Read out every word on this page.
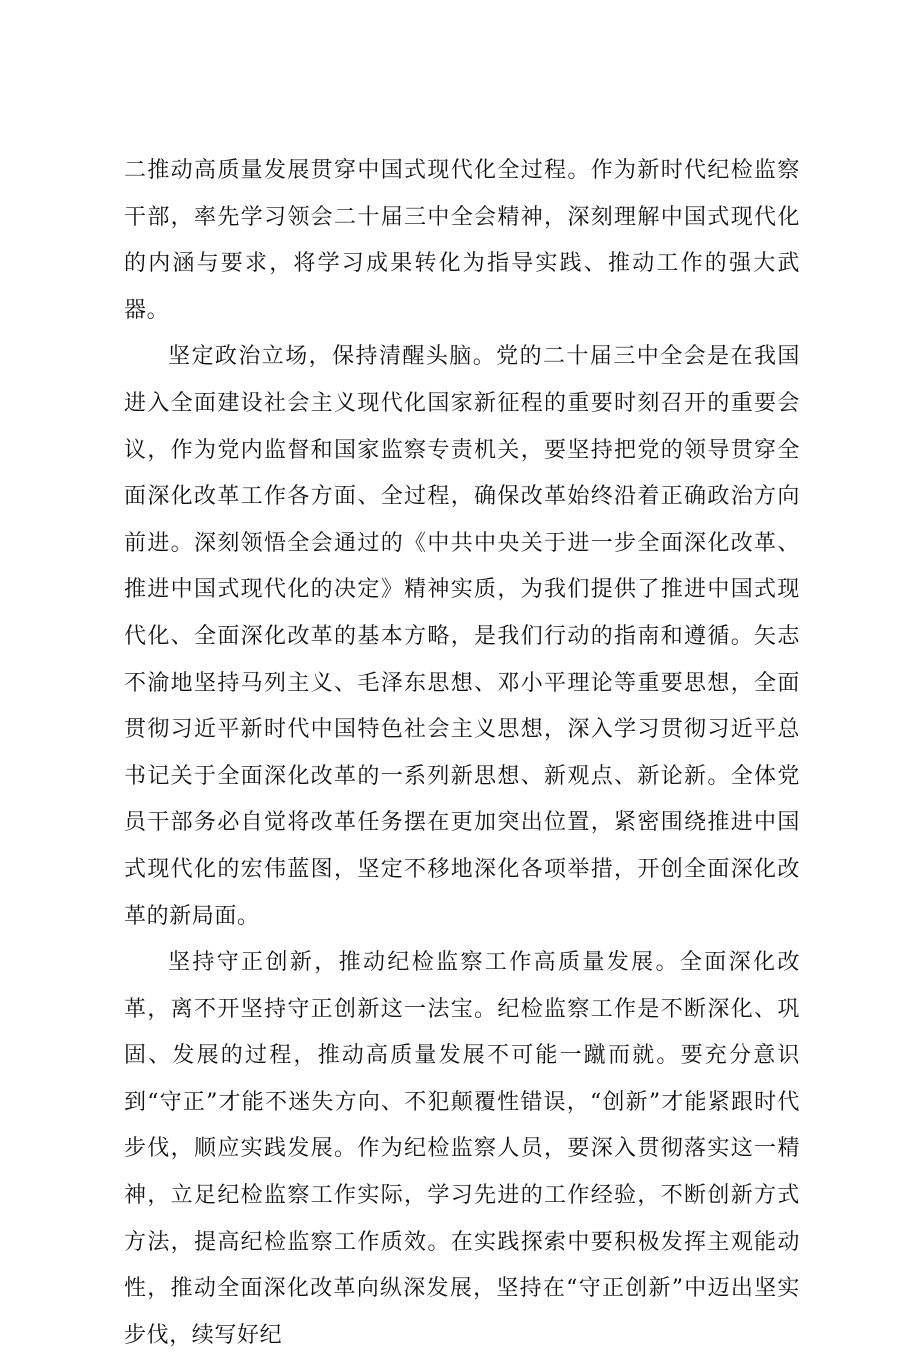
二推动高质量发展贯穿中国式现代化全过程。作为新时代纪检监察干部，率先学习领会二十届三中全会精神，深刻理解中国式现代化的内涵与要求，将学习成果转化为指导实践、推动工作的强大武器。

坚定政治立场，保持清醒头脑。党的二十届三中全会是在我国进入全面建设社会主义现代化国家新征程的重要时刻召开的重要会议，作为党内监督和国家监察专责机关，要坚持把党的领导贯穿全面深化改革工作各方面、全过程，确保改革始终沿着正确政治方向前进。深刻领悟全会通过的《中共中央关于进一步全面深化改革、推进中国式现代化的决定》精神实质，为我们提供了推进中国式现代化、全面深化改革的基本方略，是我们行动的指南和遵循。矢志不渝地坚持马列主义、毛泽东思想、邓小平理论等重要思想，全面贯彻习近平新时代中国特色社会主义思想，深入学习贯彻习近平总书记关于全面深化改革的一系列新思想、新观点、新论新。全体党员干部务必自觉将改革任务摆在更加突出位置，紧密围绕推进中国式现代化的宏伟蓝图，坚定不移地深化各项举措，开创全面深化改革的新局面。

坚持守正创新，推动纪检监察工作高质量发展。全面深化改革，离不开坚持守正创新这一法宝。纪检监察工作是不断深化、巩固、发展的过程，推动高质量发展不可能一蹴而就。要充分意识到“守正”才能不迷失方向、不犯颠覆性错误，“创新”才能紧跟时代步伐，顺应实践发展。作为纪检监察人员，要深入贯彻落实这一精神，立足纪检监察工作实际，学习先进的工作经验，不断创新方式方法，提高纪检监察工作质效。在实践探索中要积极发挥主观能动性，推动全面深化改革向纵深发展，坚持在“守正创新”中迈出坚实步伐，续写好纪
